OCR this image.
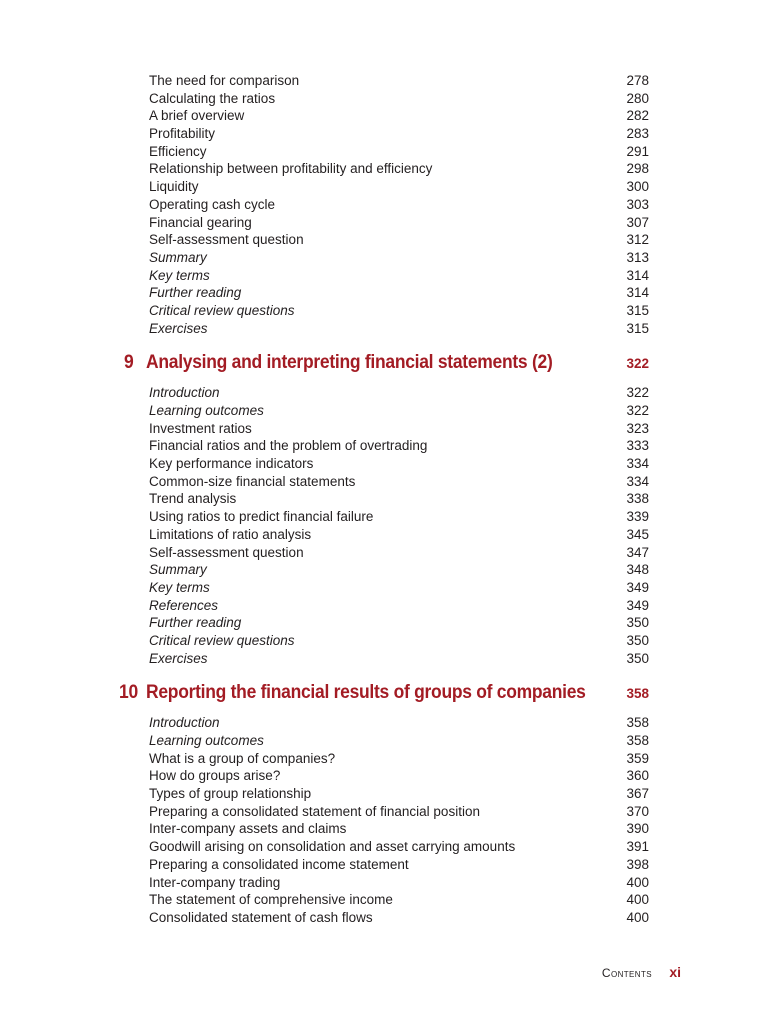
The need for comparison	278
Calculating the ratios	280
A brief overview	282
Profitability	283
Efficiency	291
Relationship between profitability and efficiency	298
Liquidity	300
Operating cash cycle	303
Financial gearing	307
Self-assessment question	312
Summary	313
Key terms	314
Further reading	314
Critical review questions	315
Exercises	315
9 Analysing and interpreting financial statements (2)	322
Introduction	322
Learning outcomes	322
Investment ratios	323
Financial ratios and the problem of overtrading	333
Key performance indicators	334
Common-size financial statements	334
Trend analysis	338
Using ratios to predict financial failure	339
Limitations of ratio analysis	345
Self-assessment question	347
Summary	348
Key terms	349
References	349
Further reading	350
Critical review questions	350
Exercises	350
10 Reporting the financial results of groups of companies	358
Introduction	358
Learning outcomes	358
What is a group of companies?	359
How do groups arise?	360
Types of group relationship	367
Preparing a consolidated statement of financial position	370
Inter-company assets and claims	390
Goodwill arising on consolidation and asset carrying amounts	391
Preparing a consolidated income statement	398
Inter-company trading	400
The statement of comprehensive income	400
Consolidated statement of cash flows	400
Contents xi
